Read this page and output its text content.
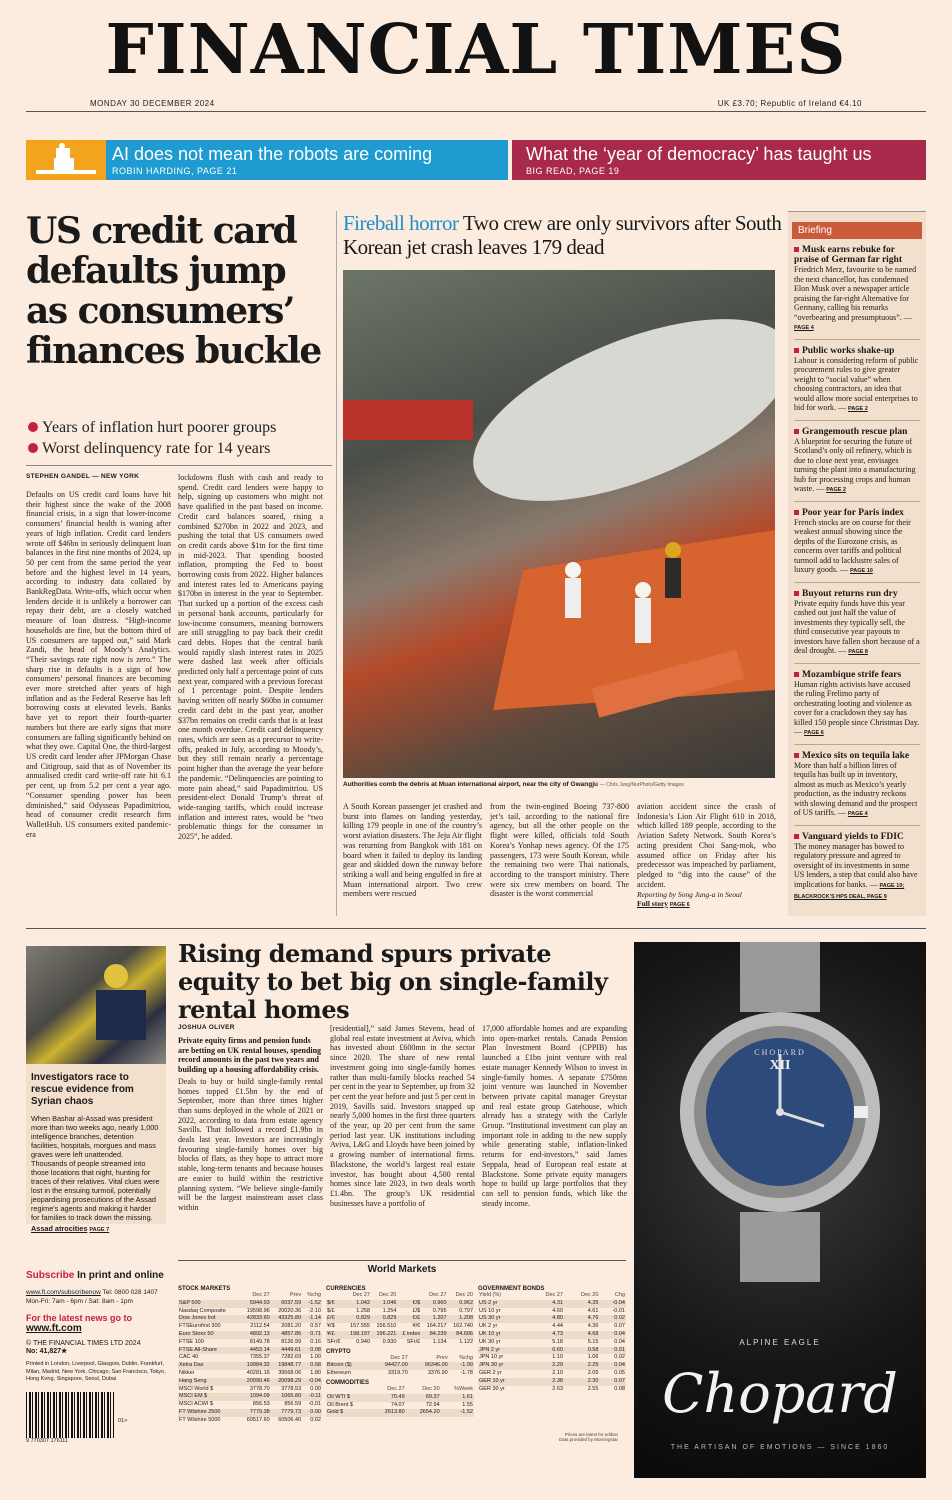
FINANCIAL TIMES
MONDAY 30 DECEMBER 2024	UK £3.70; Republic of Ireland €4.10
AI does not mean the robots are coming
ROBIN HARDING, PAGE 21
What the ‘year of democracy’ has taught us
BIG READ, PAGE 19
US credit card defaults jump as consumers’ finances buckle
Years of inflation hurt poorer groups
Worst delinquency rate for 14 years
STEPHEN GANDEL — NEW YORK
Defaults on US credit card loans have hit their highest since the wake of the 2008 financial crisis, in a sign that lower-income consumers’ financial health is waning after years of high inflation. Credit card lenders wrote off $46bn in seriously delinquent loan balances in the first nine months of 2024, up 50 per cent from the same period the year before and the highest level in 14 years, according to industry data collated by BankRegData. Write-offs, which occur when lenders decide it is unlikely a borrower can repay their debt, are a closely watched measure of loan distress. “High-income households are fine, but the bottom third of US consumers are tapped out,” said Mark Zandi, the head of Moody’s Analytics. “Their savings rate right now is zero.” The sharp rise in defaults is a sign of how consumers’ personal finances are becoming ever more stretched after years of high inflation and as the Federal Reserve has left borrowing costs at elevated levels. Banks have yet to report their fourth-quarter numbers but there are early signs that more consumers are falling significantly behind on what they owe. Capital One, the third-largest US credit card lender after JPMorgan Chase and Citigroup, said that as of November its annualised credit card write-off rate hit 6.1 per cent, up from 5.2 per cent a year ago. “Consumer spending power has been diminished,” said Odysseas Papadimitriou, head of consumer credit research firm WalletHub. US consumers exited pandemic-era
lockdowns flush with cash and ready to spend. Credit card lenders were happy to help, signing up customers who might not have qualified in the past based on income. Credit card balances soared, rising a combined $270bn in 2022 and 2023, and pushing the total that US consumers owed on credit cards above $1tn for the first time in mid-2023. That spending boosted inflation, prompting the Fed to boost borrowing costs from 2022. Higher balances and interest rates led to Americans paying $170bn in interest in the year to September. That sucked up a portion of the excess cash in personal bank accounts, particularly for low-income consumers, meaning borrowers are still struggling to pay back their credit card debts. Hopes that the central bank would rapidly slash interest rates in 2025 were dashed last week after officials predicted only half a percentage point of cuts next year, compared with a previous forecast of 1 percentage point. Despite lenders having written off nearly $60bn in consumer credit card debt in the past year, another $37bn remains on credit cards that is at least one month overdue. Credit card delinquency rates, which are seen as a precursor to write-offs, peaked in July, according to Moody’s, but they still remain nearly a percentage point higher than the average the year before the pandemic. “Delinquencies are pointing to more pain ahead,” said Papadimitriou. US president-elect Donald Trump’s threat of wide-ranging tariffs, which could increase inflation and interest rates, would be “two problematic things for the consumer in 2025”, he added.
Fireball horror Two crew are only survivors after South Korean jet crash leaves 179 dead
Authorities comb the debris at Muan international airport, near the city of Gwangju — Chris Jung/NurPhoto/Getty Images
A South Korean passenger jet crashed and burst into flames on landing yesterday, killing 179 people in one of the country’s worst aviation disasters. The Jeju Air flight was returning from Bangkok with 181 on board when it failed to deploy its landing gear and skidded down the runway before striking a wall and being engulfed in fire at Muan international airport. Two crew members were rescued
from the twin-engined Boeing 737-800 jet’s tail, according to the national fire agency, but all the other people on the flight were killed, officials told South Korea’s Yonhap news agency. Of the 175 passengers, 173 were South Korean, while the remaining two were Thai nationals, according to the transport ministry. There were six crew members on board. The disaster is the worst commercial
aviation accident since the crash of Indonesia’s Lion Air Flight 610 in 2018, which killed 189 people, according to the Aviation Safety Network. South Korea’s acting president Choi Sang-mok, who assumed office on Friday after his predecessor was impeached by parliament, pledged to “dig into the cause” of the accident.
Reporting by Song Jung-a in Seoul
Full story PAGE 6
Briefing
Musk earns rebuke for praise of German far right

Friedrich Merz, favourite to be named the next chancellor, has condemned Elon Musk over a newspaper article praising the far-right Alternative for Germany, calling his remarks “overbearing and presumptuous”. — PAGE 4

Public works shake-up

Labour is considering reform of public procurement rules to give greater weight to “social value” when choosing contractors, an idea that would allow more social enterprises to bid for work. — PAGE 2

Grangemouth rescue plan

A blueprint for securing the future of Scotland’s only oil refinery, which is due to close next year, envisages turning the plant into a manufacturing hub for processing crops and human waste. — PAGE 2

Poor year for Paris index

French stocks are on course for their weakest annual showing since the depths of the Eurozone crisis, as concerns over tariffs and political turmoil add to lacklustre sales of luxury goods. — PAGE 10

Buyout returns run dry

Private equity funds have this year cashed out just half the value of investments they typically sell, the third consecutive year payouts to investors have fallen short because of a deal drought. — PAGE 8

Mozambique strife fears

Human rights activists have accused the ruling Frelimo party of orchestrating looting and violence as cover for a crackdown they say has killed 150 people since Christmas Day. — PAGE 6

Mexico sits on tequila lake

More than half a billion litres of tequila has built up in inventory, almost as much as Mexico’s yearly production, as the industry reckons with slowing demand and the prospect of US tariffs. — PAGE 4

Vanguard yields to FDIC

The money manager has bowed to regulatory pressure and agreed to oversight of its investments in some US lenders, a step that could also have implications for banks. — PAGE 10; BLACKROCK’S HPS DEAL, PAGE 9

Investigators race to rescue evidence from Syrian chaos
When Bashar al-Assad was president more than two weeks ago, nearly 1,000 intelligence branches, detention facilities, hospitals, morgues and mass graves were left unattended. Thousands of people streamed into those locations that night, hunting for traces of their relatives. Vital clues were lost in the ensuing turmoil, potentially jeopardising prosecutions of the Assad regime’s agents and making it harder for families to track down the missing.
Assad atrocities PAGE 7
Subscribe In print and online
www.ft.com/subscribenow Tel: 0800 028 1407
Mon-Fri: 7am - 6pm / Sat: 8am - 1pm
For the latest news go to
www.ft.com
© THE FINANCIAL TIMES LTD 2024
No: 41,827★
Printed in London, Liverpool, Glasgow, Dublin, Frankfurt, Milan, Madrid, New York, Chicago, San Francisco, Tokyo, Hong Kong, Singapore, Seoul, Dubai
9 770307 176111
01>
Rising demand spurs private equity to bet big on single-family rental homes
JOSHUA OLIVER
Private equity firms and pension funds are betting on UK rental houses, spending record amounts in the past two years and building up a housing affordability crisis.
Deals to buy or build single-family rental homes topped £1.5bn by the end of September, more than three times higher than sums deployed in the whole of 2021 or 2022, according to data from estate agency Savills. That followed a record £1.9bn in deals last year. Investors are increasingly favouring single-family homes over big blocks of flats, as they hope to attract more stable, long-term tenants and because houses are easier to build within the restrictive planning system. “We believe single-family will be the largest mainstream asset class within
[residential],” said James Stevens, head of global real estate investment at Aviva, which has invested about £600mn in the sector since 2020. The share of new rental investment going into single-family homes rather than multi-family blocks reached 54 per cent in the year to September, up from 32 per cent the year before and just 5 per cent in 2019, Savills said. Investors snapped up nearly 5,000 homes in the first three quarters of the year, up 20 per cent from the same period last year. UK institutions including Aviva, L&G and Lloyds have been joined by a growing number of international firms. Blackstone, the world’s largest real estate investor, has bought about 4,500 rental homes since late 2023, in two deals worth £1.4bn. The group’s UK residential businesses have a portfolio of
17,000 affordable homes and are expanding into open-market rentals. Canada Pension Plan Investment Board (CPPIB) has launched a £1bn joint venture with real estate manager Kennedy Wilson to invest in single-family homes. A separate £750mn joint venture was launched in November between private capital manager Greystar and real estate group Gatehouse, which already has a strategy with the Carlyle Group. “Institutional investment can play an important role in adding to the new supply while generating stable, inflation-linked returns for end-investors,” said James Seppala, head of European real estate at Blackstone. Some private equity managers hope to build up large portfolios that they can sell to pension funds, which like the steady income.
World Markets
STOCK MARKETS
	Dec 27	Prev	%chg
S&P 500	5944.93	6037.59	-1.52
Nasdaq Composite	19598.96	20020.36	-2.10
Dow Jones Ind	42833.60	43325.80	-1.14
FTSEurofirst 300	2112.54	2081.20	0.57
Euro Stoxx 50	4892.13	4857.86	0.71
FTSE 100	8149.78	8136.99	0.16
FTSE All-Share	4453.14	4449.61	0.08
CAC 40	7355.37	7282.69	1.00
Xetra Dax	19984.32	19848.77	0.68
Nikkei	40281.16	39568.06	1.80
Hang Seng	20090.46	20098.29	-0.04
MSCI World $	3778.70	3778.53	0.00
MSCI EM $	1094.09	1065.80	-0.11
MSCI ACWI $	856.53	856.59	-0.01
FT Wilshire 2500	7779.38	7779.73	0.00
FT Wilshire 5000	60517.60	60506.40	0.02
CURRENCIES
	Dec 27	Dec 20		Dec 27	Dec 20
$/€	1.042	1.046	€/$	0.960	0.962
$/£	1.258	1.254	£/$	0.795	0.797
£/€	0.829	0.829	€/£	1.207	1.208
¥/$	157.555	156.510	¥/€	164.217	162.740
¥/£	198.197	196.221	£ index	84.239	84.606
SFr/€	0.940	0.930	SFr/£	1.134	1.122
CRYPTO
	Dec 27	Prev	%chg
Bitcoin ($)	94427.00	96346.00	-1.99
Ethereum	3319.70	3376.90	-1.78
COMMODITIES
	Dec 27	Dec 20	%Week
Oil WTI $	70.49	69.37	1.61
Oil Brent $	74.07	72.94	1.55
Gold $	2613.80	2654.20	-1.52
GOVERNMENT BONDS
Yield (%)	Dec 27	Dec 20	Chg
US 2 yr	4.31	4.35	-0.04
US 10 yr	4.60	4.61	-0.01
US 30 yr	4.80	4.76	0.02
UK 2 yr	4.44	4.36	0.07
UK 10 yr	4.73	4.68	0.04
UK 30 yr	5.18	5.15	0.04
JPN 2 yr	0.60	0.58	0.01
JPN 10 yr	1.10	1.06	0.02
JPN 30 yr	2.29	2.25	0.04
GER 2 yr	2.10	2.05	0.05
GER 10 yr	2.38	2.30	0.07
GER 30 yr	2.63	2.55	0.08
Prices are latest for edition
Data provided by Morningstar
CHOPARD
XII
ALPINE EAGLE
Chopard
THE ARTISAN OF EMOTIONS — SINCE 1860
